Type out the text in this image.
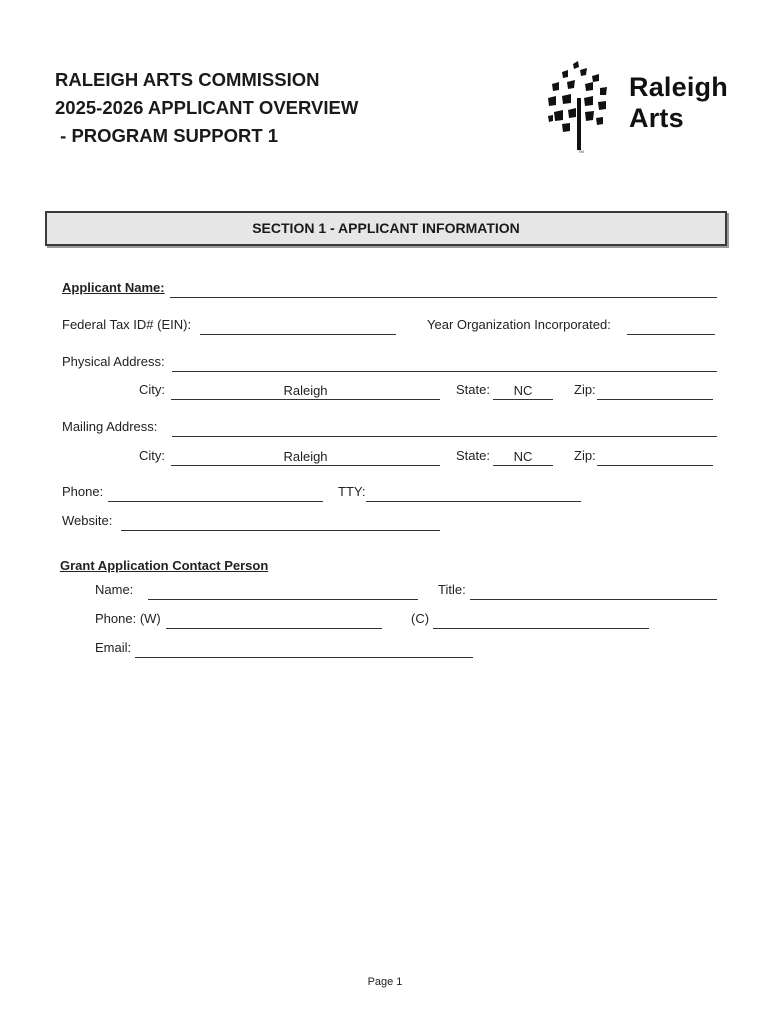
RALEIGH ARTS COMMISSION
2025-2026 APPLICANT OVERVIEW
- PROGRAM SUPPORT 1
TM
Raleigh
Arts
SECTION 1 - APPLICANT INFORMATION
Applicant Name:
Federal Tax ID# (EIN):	Year Organization Incorporated:
Physical Address:
City:	Raleigh	State:	NC	Zip:
Mailing Address:
City:	Raleigh	State:	NC	Zip:
Phone:	TTY:
Website:
Grant Application Contact Person
Name:	Title:
Phone: (W)	(C)
Email:
Page 1
